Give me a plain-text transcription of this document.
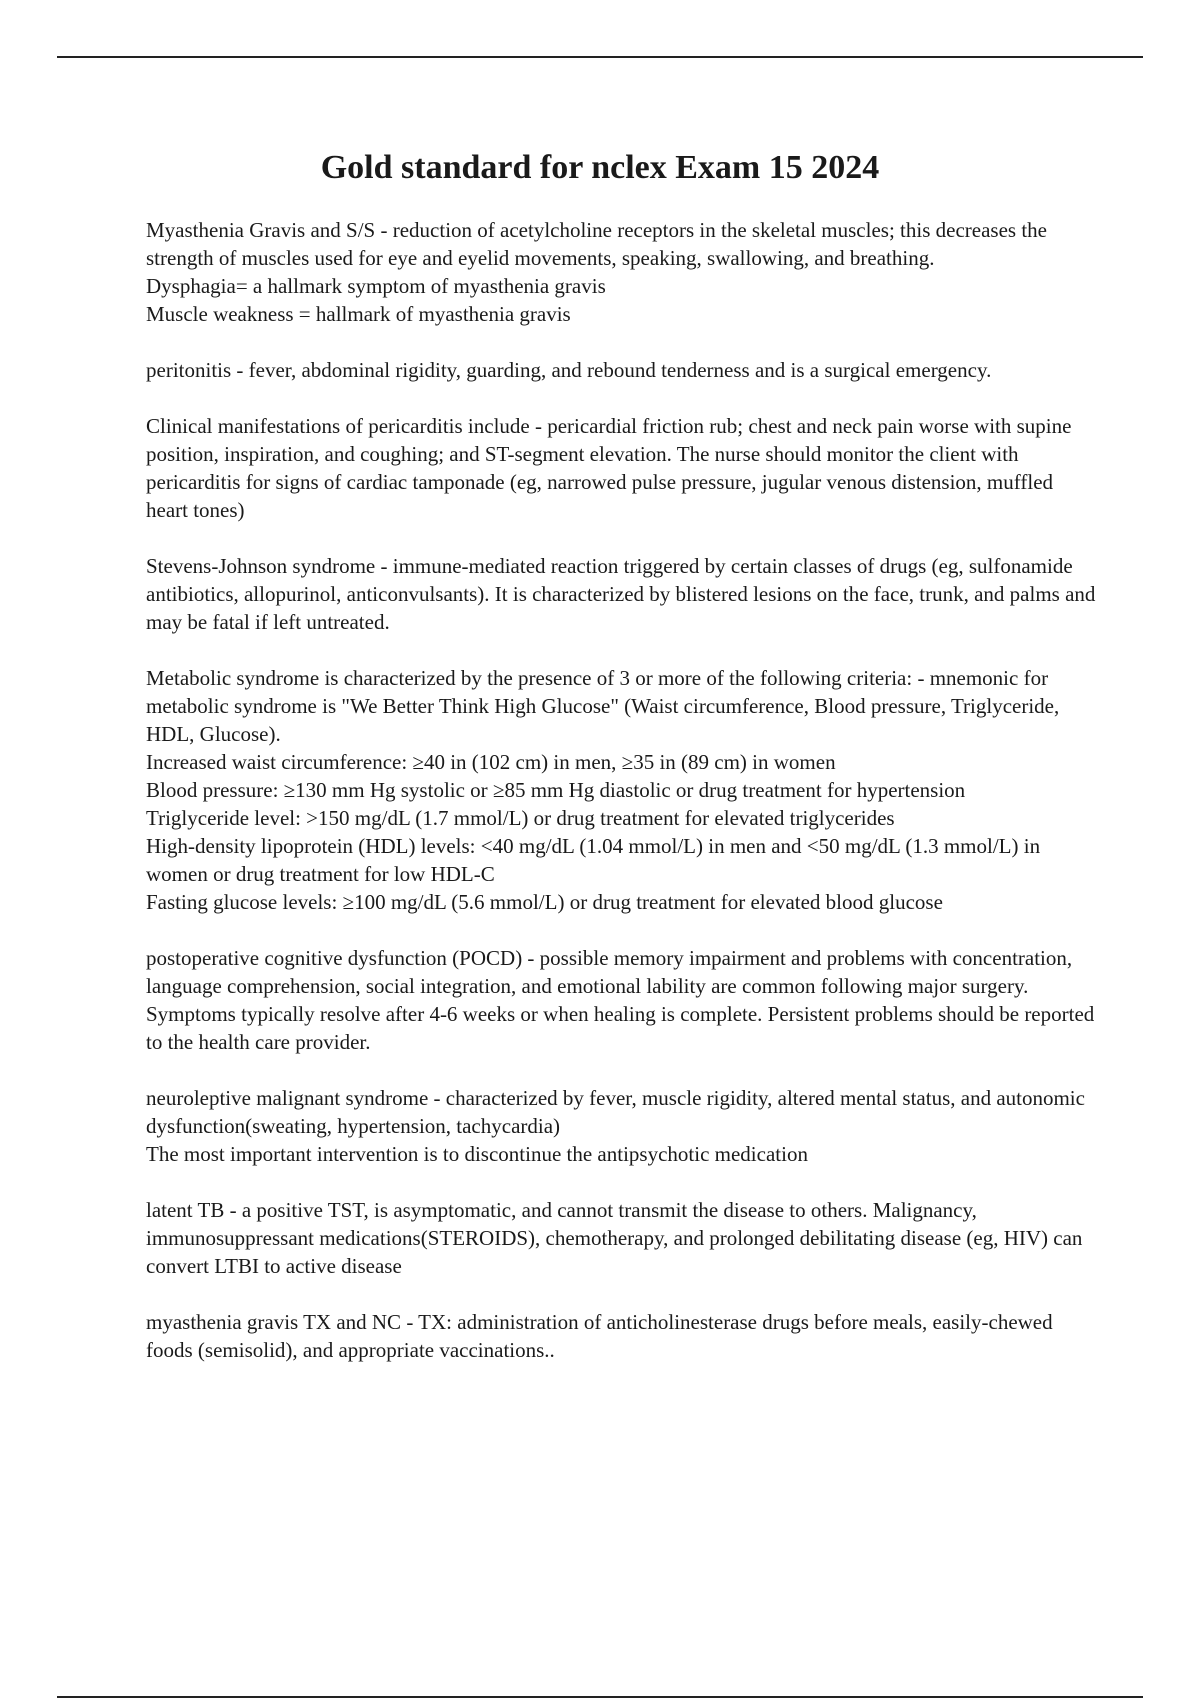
Gold standard for nclex Exam 15 2024
Myasthenia Gravis and S/S - reduction of acetylcholine receptors in the skeletal muscles; this decreases the strength of muscles used for eye and eyelid movements, speaking, swallowing, and breathing.
Dysphagia= a hallmark symptom of myasthenia gravis
Muscle weakness = hallmark of myasthenia gravis
peritonitis - fever, abdominal rigidity, guarding, and rebound tenderness and is a surgical emergency.
Clinical manifestations of pericarditis include - pericardial friction rub; chest and neck pain worse with supine position, inspiration, and coughing; and ST-segment elevation. The nurse should monitor the client with pericarditis for signs of cardiac tamponade (eg, narrowed pulse pressure, jugular venous distension, muffled heart tones)
Stevens-Johnson syndrome - immune-mediated reaction triggered by certain classes of drugs (eg, sulfonamide antibiotics, allopurinol, anticonvulsants). It is characterized by blistered lesions on the face, trunk, and palms and may be fatal if left untreated.
Metabolic syndrome is characterized by the presence of 3 or more of the following criteria: - mnemonic for metabolic syndrome is "We Better Think High Glucose" (Waist circumference, Blood pressure, Triglyceride, HDL, Glucose).
Increased waist circumference: ≥40 in (102 cm) in men, ≥35 in (89 cm) in women
Blood pressure: ≥130 mm Hg systolic or ≥85 mm Hg diastolic or drug treatment for hypertension
Triglyceride level: >150 mg/dL (1.7 mmol/L) or drug treatment for elevated triglycerides
High-density lipoprotein (HDL) levels: <40 mg/dL (1.04 mmol/L) in men and <50 mg/dL (1.3 mmol/L) in women or drug treatment for low HDL-C
Fasting glucose levels: ≥100 mg/dL (5.6 mmol/L) or drug treatment for elevated blood glucose
postoperative cognitive dysfunction (POCD) - possible memory impairment and problems with concentration, language comprehension, social integration, and emotional lability are common following major surgery. Symptoms typically resolve after 4-6 weeks or when healing is complete. Persistent problems should be reported to the health care provider.
neuroleptive malignant syndrome - characterized by fever, muscle rigidity, altered mental status, and autonomic dysfunction(sweating, hypertension, tachycardia)
The most important intervention is to discontinue the antipsychotic medication
latent TB - a positive TST, is asymptomatic, and cannot transmit the disease to others. Malignancy, immunosuppressant medications(STEROIDS), chemotherapy, and prolonged debilitating disease (eg, HIV) can convert LTBI to active disease
myasthenia gravis TX and NC - TX: administration of anticholinesterase drugs before meals, easily-chewed foods (semisolid), and appropriate vaccinations..
